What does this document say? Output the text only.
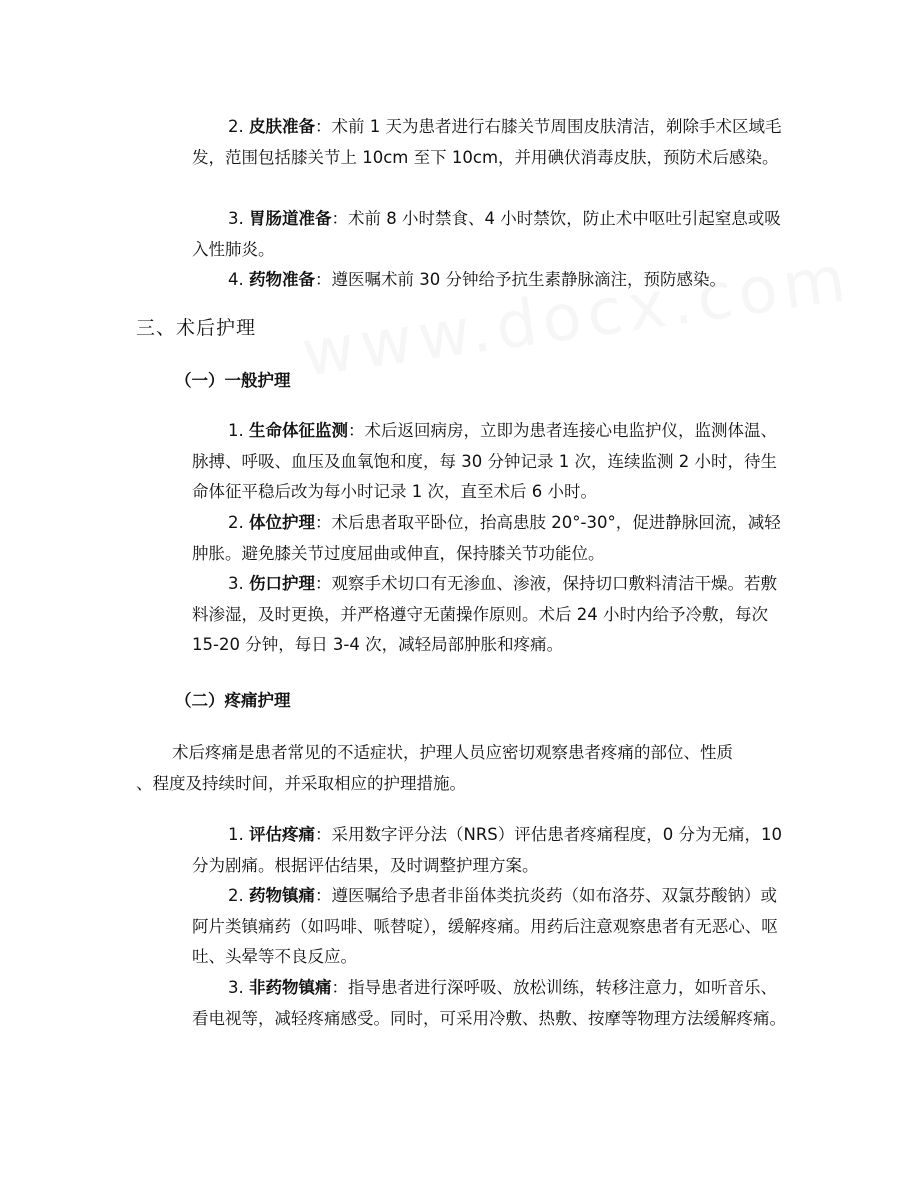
2. 皮肤准备：术前 1 天为患者进行右膝关节周围皮肤清洁，剃除手术区域毛发，范围包括膝关节上 10cm 至下 10cm，并用碘伏消毒皮肤，预防术后感染。

3. 胃肠道准备：术前 8 小时禁食、4 小时禁饮，防止术中呕吐引起窒息或吸入性肺炎。

4. 药物准备：遵医嘱术前 30 分钟给予抗生素静脉滴注，预防感染。

三、术后护理
（一）一般护理

1. 生命体征监测：术后返回病房，立即为患者连接心电监护仪，监测体温、脉搏、呼吸、血压及血氧饱和度，每 30 分钟记录 1 次，连续监测 2 小时，待生命体征平稳后改为每小时记录 1 次，直至术后 6 小时。

2. 体位护理：术后患者取平卧位，抬高患肢 20°-30°，促进静脉回流，减轻肿胀。避免膝关节过度屈曲或伸直，保持膝关节功能位。

3. 伤口护理：观察手术切口有无渗血、渗液，保持切口敷料清洁干燥。若敷料渗湿，及时更换，并严格遵守无菌操作原则。术后 24 小时内给予冷敷，每次 15-20 分钟，每日 3-4 次，减轻局部肿胀和疼痛。

（二）疼痛护理
术后疼痛是患者常见的不适症状，护理人员应密切观察患者疼痛的部位、性质
、程度及持续时间，并采取相应的护理措施。

1. 评估疼痛：采用数字评分法（NRS）评估患者疼痛程度，0 分为无痛，10 分为剧痛。根据评估结果，及时调整护理方案。

2. 药物镇痛：遵医嘱给予患者非甾体类抗炎药（如布洛芬、双氯芬酸钠）或阿片类镇痛药（如吗啡、哌替啶），缓解疼痛。用药后注意观察患者有无恶心、呕吐、头晕等不良反应。

3. 非药物镇痛：指导患者进行深呼吸、放松训练，转移注意力，如听音乐、看电视等，减轻疼痛感受。同时，可采用冷敷、热敷、按摩等物理方法缓解疼痛。
